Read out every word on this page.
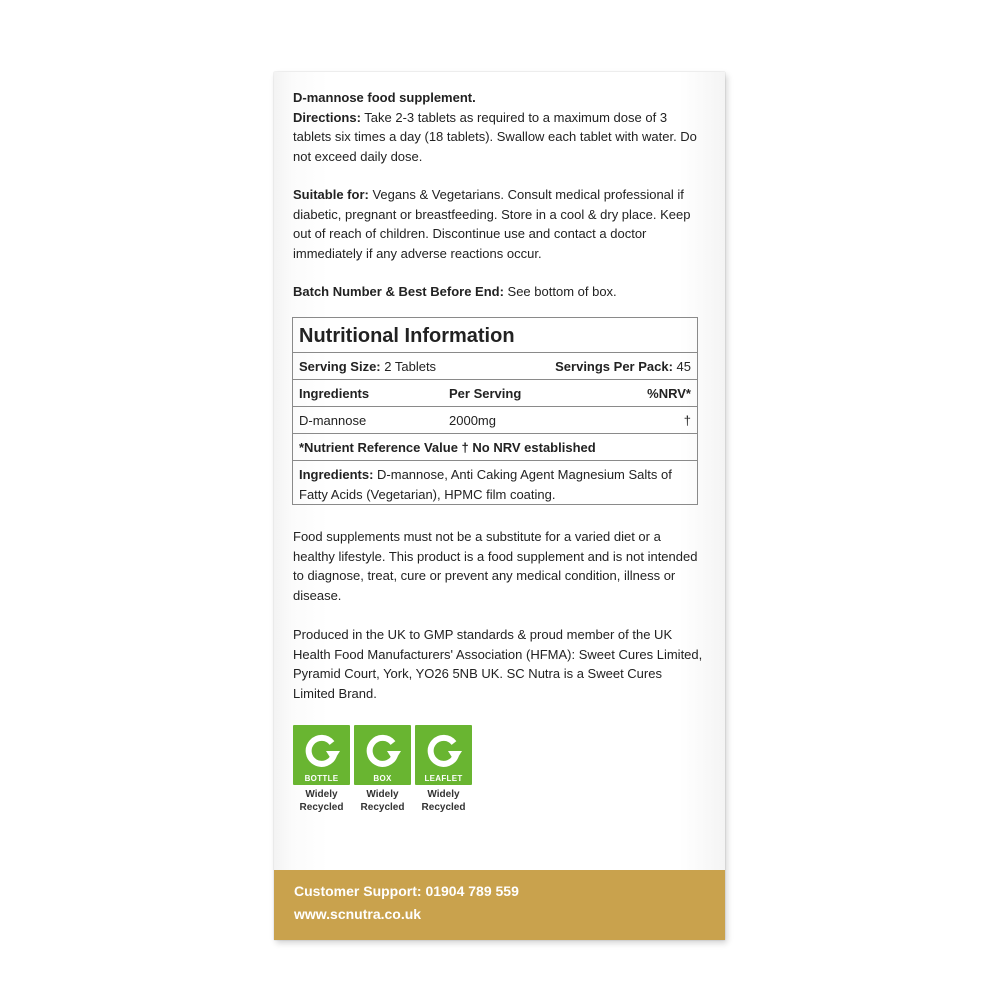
D-mannose food supplement.

Directions: Take 2-3 tablets as required to a maximum dose of 3 tablets six times a day (18 tablets). Swallow each tablet with water. Do not exceed daily dose.

Suitable for: Vegans & Vegetarians. Consult medical professional if diabetic, pregnant or breastfeeding. Store in a cool & dry place. Keep out of reach of children. Discontinue use and contact a doctor immediately if any adverse reactions occur.

Batch Number & Best Before End: See bottom of box.

Nutritional Information
Serving Size: 2 Tablets	Servings Per Pack: 45
Ingredients	Per Serving	%NRV*
D-mannose	2000mg	†
*Nutrient Reference Value † No NRV established
Ingredients: D-mannose, Anti Caking Agent Magnesium Salts of Fatty Acids (Vegetarian), HPMC film coating.

Food supplements must not be a substitute for a varied diet or a healthy lifestyle. This product is a food supplement and is not intended to diagnose, treat, cure or prevent any medical condition, illness or disease.

Produced in the UK to GMP standards & proud member of the UK Health Food Manufacturers' Association (HFMA): Sweet Cures Limited, Pyramid Court, York, YO26 5NB UK. SC Nutra is a Sweet Cures Limited Brand.

BOTTLE
Widely
Recycled
BOX
Widely
Recycled
LEAFLET
Widely
Recycled
Customer Support: 01904 789 559
www.scnutra.co.uk
